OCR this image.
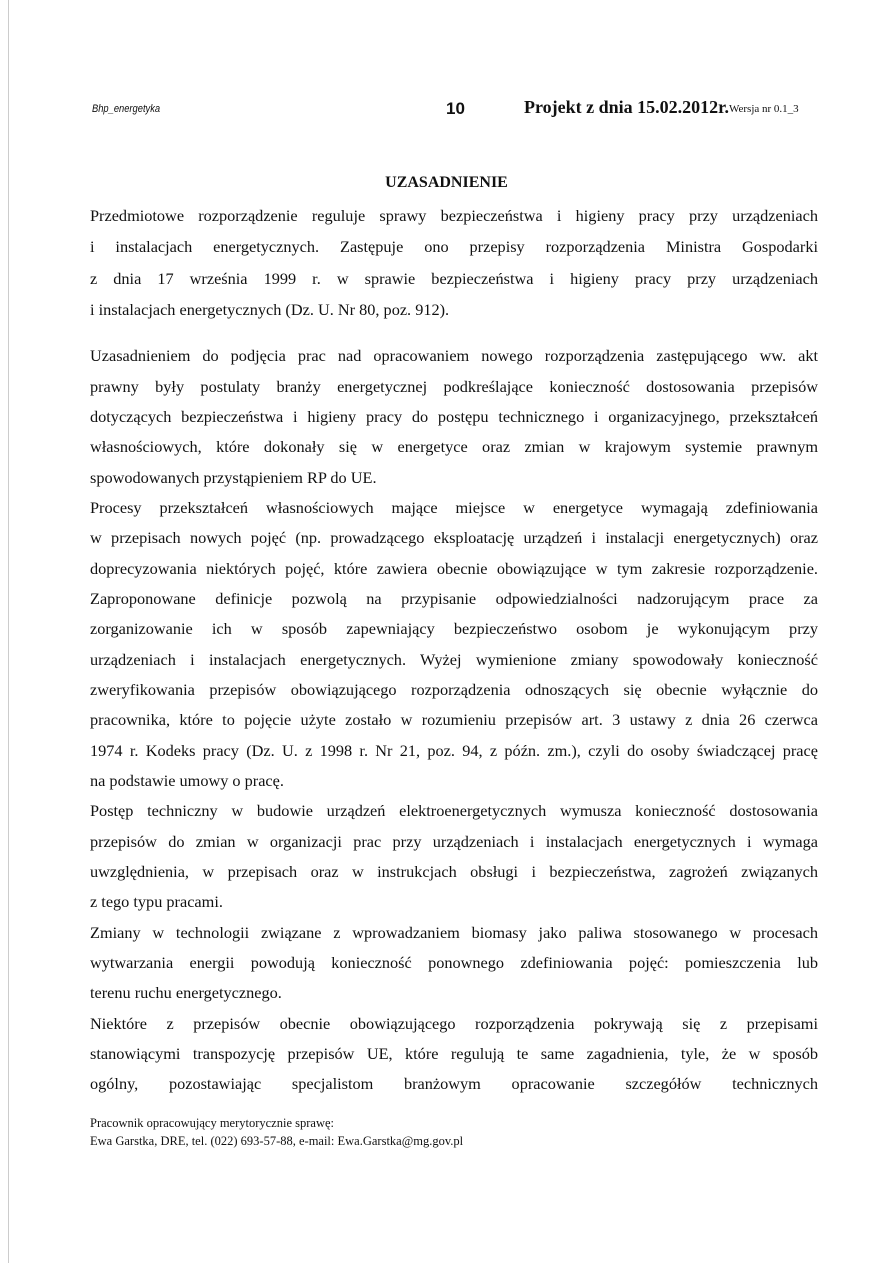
Bhp_energetyka	10	Projekt z dnia 15.02.2012r. Wersja nr 0.1_3
UZASADNIENIE
Przedmiotowe rozporządzenie reguluje sprawy bezpieczeństwa i higieny pracy przy urządzeniach
i instalacjach energetycznych. Zastępuje ono przepisy rozporządzenia Ministra Gospodarki
z dnia 17 września 1999 r. w sprawie bezpieczeństwa i higieny pracy przy urządzeniach
i instalacjach energetycznych (Dz. U. Nr 80, poz. 912).
Uzasadnieniem do podjęcia prac nad opracowaniem nowego rozporządzenia zastępującego ww. akt
prawny były postulaty branży energetycznej podkreślające konieczność dostosowania przepisów
dotyczących bezpieczeństwa i higieny pracy do postępu technicznego i organizacyjnego, przekształceń
własnościowych, które dokonały się w energetyce oraz zmian w krajowym systemie prawnym
spowodowanych przystąpieniem RP do UE.
Procesy przekształceń własnościowych mające miejsce w energetyce wymagają zdefiniowania
w przepisach nowych pojęć (np. prowadzącego eksploatację urządzeń i instalacji energetycznych) oraz
doprecyzowania niektórych pojęć, które zawiera obecnie obowiązujące w tym zakresie rozporządzenie.
Zaproponowane definicje pozwolą na przypisanie odpowiedzialności nadzorującym prace za
zorganizowanie ich w sposób zapewniający bezpieczeństwo osobom je wykonującym przy
urządzeniach i instalacjach energetycznych. Wyżej wymienione zmiany spowodowały konieczność
zweryfikowania przepisów obowiązującego rozporządzenia odnoszących się obecnie wyłącznie do
pracownika, które to pojęcie użyte zostało w rozumieniu przepisów art. 3 ustawy z dnia 26 czerwca
1974 r. Kodeks pracy (Dz. U. z 1998 r. Nr 21, poz. 94, z późn. zm.), czyli do osoby świadczącej pracę
na podstawie umowy o pracę.
Postęp techniczny w budowie urządzeń elektroenergetycznych wymusza konieczność dostosowania
przepisów do zmian w organizacji prac przy urządzeniach i instalacjach energetycznych i wymaga
uwzględnienia, w przepisach oraz w instrukcjach obsługi i bezpieczeństwa, zagrożeń związanych
z tego typu pracami.
Zmiany w technologii związane z wprowadzaniem biomasy jako paliwa stosowanego w procesach
wytwarzania energii powodują konieczność ponownego zdefiniowania pojęć: pomieszczenia lub
terenu ruchu energetycznego.
Niektóre z przepisów obecnie obowiązującego rozporządzenia pokrywają się z przepisami
stanowiącymi transpozycję przepisów UE, które regulują te same zagadnienia, tyle, że w sposób
ogólny, pozostawiając specjalistom branżowym opracowanie szczegółów technicznych
Pracownik opracowujący merytorycznie sprawę:
Ewa Garstka, DRE, tel. (022) 693-57-88, e-mail: Ewa.Garstka@mg.gov.pl
